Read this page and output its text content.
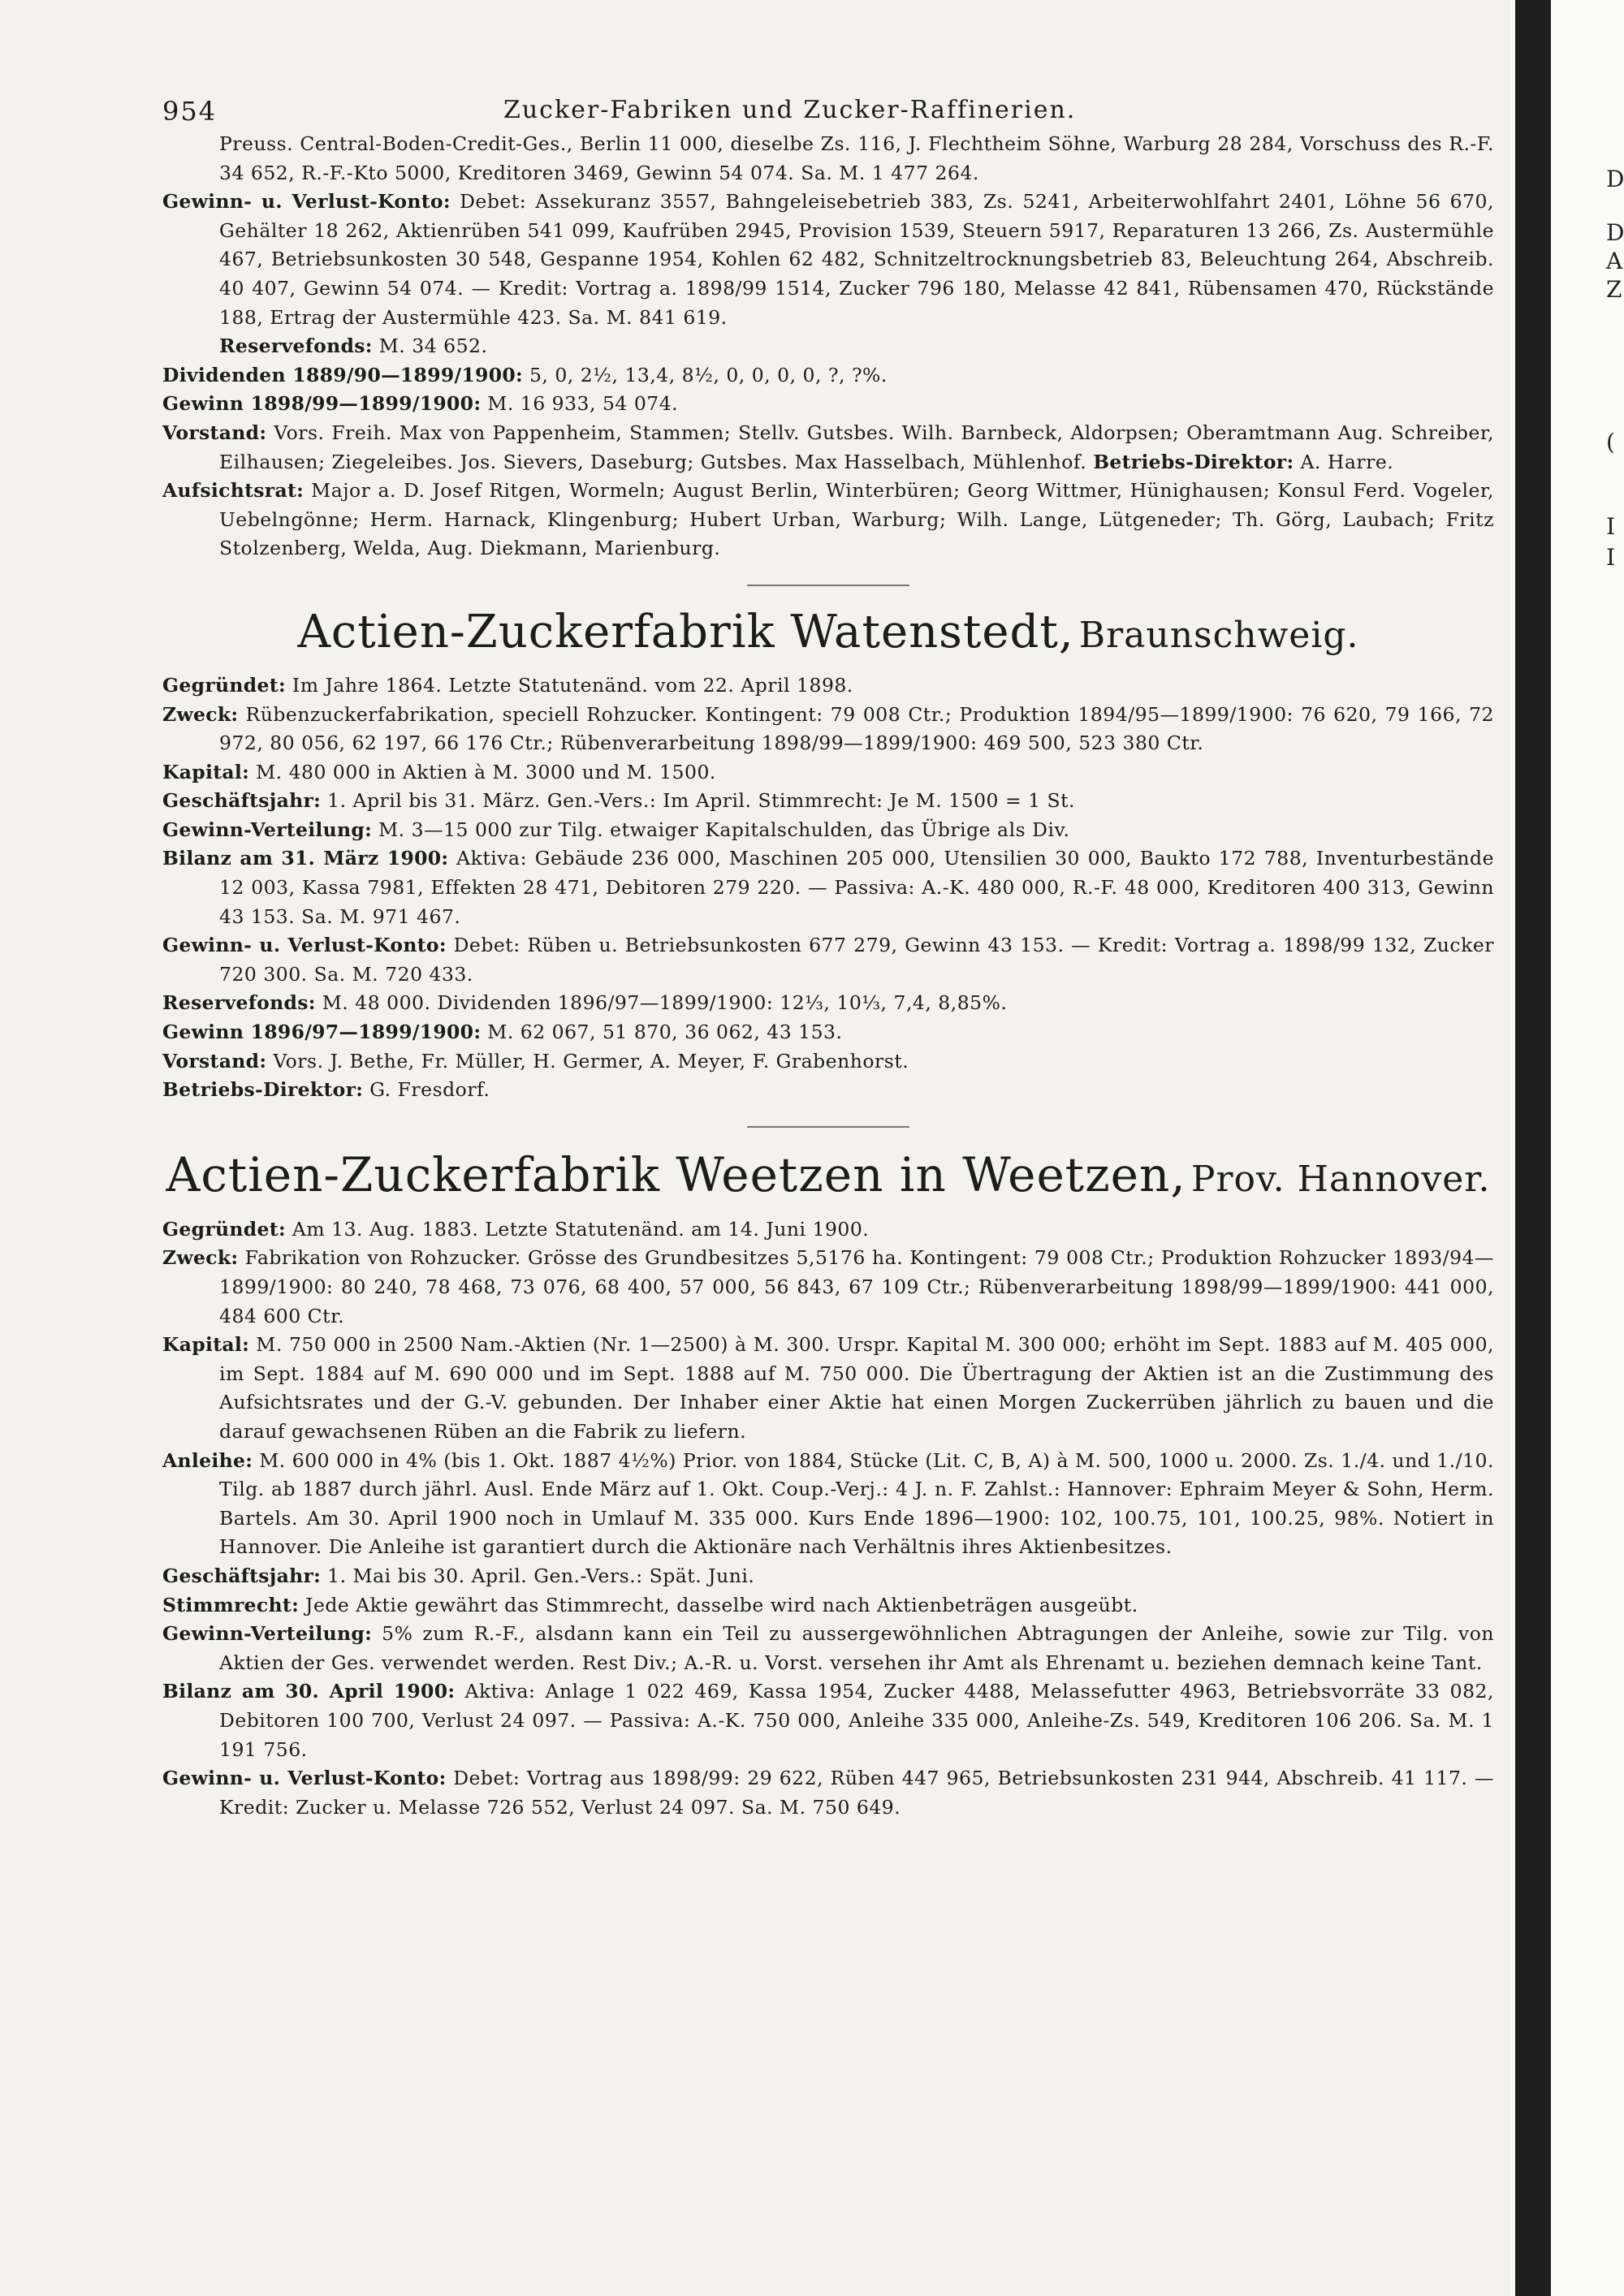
D
D
A
Z
(
I
I
954	Zucker-Fabriken und Zucker-Raffinerien.

Preuss. Central-Boden-Credit-Ges., Berlin 11 000, dieselbe Zs. 116, J. Flechtheim Söhne, Warburg 28 284, Vorschuss des R.-F. 34 652, R.-F.-Kto 5000, Kreditoren 3469, Gewinn 54 074. Sa. M. 1 477 264.

Gewinn- u. Verlust-Konto: Debet: Assekuranz 3557, Bahngeleisebetrieb 383, Zs. 5241, Arbeiterwohlfahrt 2401, Löhne 56 670, Gehälter 18 262, Aktienrüben 541 099, Kaufrüben 2945, Provision 1539, Steuern 5917, Reparaturen 13 266, Zs. Austermühle 467, Betriebsunkosten 30 548, Gespanne 1954, Kohlen 62 482, Schnitzeltrocknungsbetrieb 83, Beleuchtung 264, Abschreib. 40 407, Gewinn 54 074. — Kredit: Vortrag a. 1898/99 1514, Zucker 796 180, Melasse 42 841, Rübensamen 470, Rückstände 188, Ertrag der Austermühle 423. Sa. M. 841 619.

Reservefonds: M. 34 652.

Dividenden 1889/90—1899/1900: 5, 0, 2½, 13,4, 8½, 0, 0, 0, 0, ?, ?%.

Gewinn 1898/99—1899/1900: M. 16 933, 54 074.

Vorstand: Vors. Freih. Max von Pappenheim, Stammen; Stellv. Gutsbes. Wilh. Barnbeck, Aldorpsen; Oberamtmann Aug. Schreiber, Eilhausen; Ziegeleibes. Jos. Sievers, Daseburg; Gutsbes. Max Hasselbach, Mühlenhof. Betriebs-Direktor: A. Harre.

Aufsichtsrat: Major a. D. Josef Ritgen, Wormeln; August Berlin, Winterbüren; Georg Wittmer, Hünighausen; Konsul Ferd. Vogeler, Uebelngönne; Herm. Harnack, Klingenburg; Hubert Urban, Warburg; Wilh. Lange, Lütgeneder; Th. Görg, Laubach; Fritz Stolzenberg, Welda, Aug. Diekmann, Marienburg.

Actien-Zuckerfabrik Watenstedt, Braunschweig.

Gegründet: Im Jahre 1864. Letzte Statutenänd. vom 22. April 1898.

Zweck: Rübenzuckerfabrikation, speciell Rohzucker. Kontingent: 79 008 Ctr.; Produktion 1894/95—1899/1900: 76 620, 79 166, 72 972, 80 056, 62 197, 66 176 Ctr.; Rübenverarbeitung 1898/99—1899/1900: 469 500, 523 380 Ctr.

Kapital: M. 480 000 in Aktien à M. 3000 und M. 1500.

Geschäftsjahr: 1. April bis 31. März. Gen.-Vers.: Im April. Stimmrecht: Je M. 1500 = 1 St.

Gewinn-Verteilung: M. 3—15 000 zur Tilg. etwaiger Kapitalschulden, das Übrige als Div.

Bilanz am 31. März 1900: Aktiva: Gebäude 236 000, Maschinen 205 000, Utensilien 30 000, Baukto 172 788, Inventurbestände 12 003, Kassa 7981, Effekten 28 471, Debitoren 279 220. — Passiva: A.-K. 480 000, R.-F. 48 000, Kreditoren 400 313, Gewinn 43 153. Sa. M. 971 467.

Gewinn- u. Verlust-Konto: Debet: Rüben u. Betriebsunkosten 677 279, Gewinn 43 153. — Kredit: Vortrag a. 1898/99 132, Zucker 720 300. Sa. M. 720 433.

Reservefonds: M. 48 000. Dividenden 1896/97—1899/1900: 12⅓, 10⅓, 7,4, 8,85%.

Gewinn 1896/97—1899/1900: M. 62 067, 51 870, 36 062, 43 153.

Vorstand: Vors. J. Bethe, Fr. Müller, H. Germer, A. Meyer, F. Grabenhorst.

Betriebs-Direktor: G. Fresdorf.

Actien-Zuckerfabrik Weetzen in Weetzen, Prov. Hannover.

Gegründet: Am 13. Aug. 1883. Letzte Statutenänd. am 14. Juni 1900.

Zweck: Fabrikation von Rohzucker. Grösse des Grundbesitzes 5,5176 ha. Kontingent: 79 008 Ctr.; Produktion Rohzucker 1893/94—1899/1900: 80 240, 78 468, 73 076, 68 400, 57 000, 56 843, 67 109 Ctr.; Rübenverarbeitung 1898/99—1899/1900: 441 000, 484 600 Ctr.

Kapital: M. 750 000 in 2500 Nam.-Aktien (Nr. 1—2500) à M. 300. Urspr. Kapital M. 300 000; erhöht im Sept. 1883 auf M. 405 000, im Sept. 1884 auf M. 690 000 und im Sept. 1888 auf M. 750 000. Die Übertragung der Aktien ist an die Zustimmung des Aufsichtsrates und der G.-V. gebunden. Der Inhaber einer Aktie hat einen Morgen Zuckerrüben jährlich zu bauen und die darauf gewachsenen Rüben an die Fabrik zu liefern.

Anleihe: M. 600 000 in 4% (bis 1. Okt. 1887 4½%) Prior. von 1884, Stücke (Lit. C, B, A) à M. 500, 1000 u. 2000. Zs. 1./4. und 1./10. Tilg. ab 1887 durch jährl. Ausl. Ende März auf 1. Okt. Coup.-Verj.: 4 J. n. F. Zahlst.: Hannover: Ephraim Meyer & Sohn, Herm. Bartels. Am 30. April 1900 noch in Umlauf M. 335 000. Kurs Ende 1896—1900: 102, 100.75, 101, 100.25, 98%. Notiert in Hannover. Die Anleihe ist garantiert durch die Aktionäre nach Verhältnis ihres Aktienbesitzes.

Geschäftsjahr: 1. Mai bis 30. April. Gen.-Vers.: Spät. Juni.

Stimmrecht: Jede Aktie gewährt das Stimmrecht, dasselbe wird nach Aktienbeträgen ausgeübt.

Gewinn-Verteilung: 5% zum R.-F., alsdann kann ein Teil zu aussergewöhnlichen Abtragungen der Anleihe, sowie zur Tilg. von Aktien der Ges. verwendet werden. Rest Div.; A.-R. u. Vorst. versehen ihr Amt als Ehrenamt u. beziehen demnach keine Tant.

Bilanz am 30. April 1900: Aktiva: Anlage 1 022 469, Kassa 1954, Zucker 4488, Melassefutter 4963, Betriebsvorräte 33 082, Debitoren 100 700, Verlust 24 097. — Passiva: A.-K. 750 000, Anleihe 335 000, Anleihe-Zs. 549, Kreditoren 106 206. Sa. M. 1 191 756.

Gewinn- u. Verlust-Konto: Debet: Vortrag aus 1898/99: 29 622, Rüben 447 965, Betriebsunkosten 231 944, Abschreib. 41 117. — Kredit: Zucker u. Melasse 726 552, Verlust 24 097. Sa. M. 750 649.
